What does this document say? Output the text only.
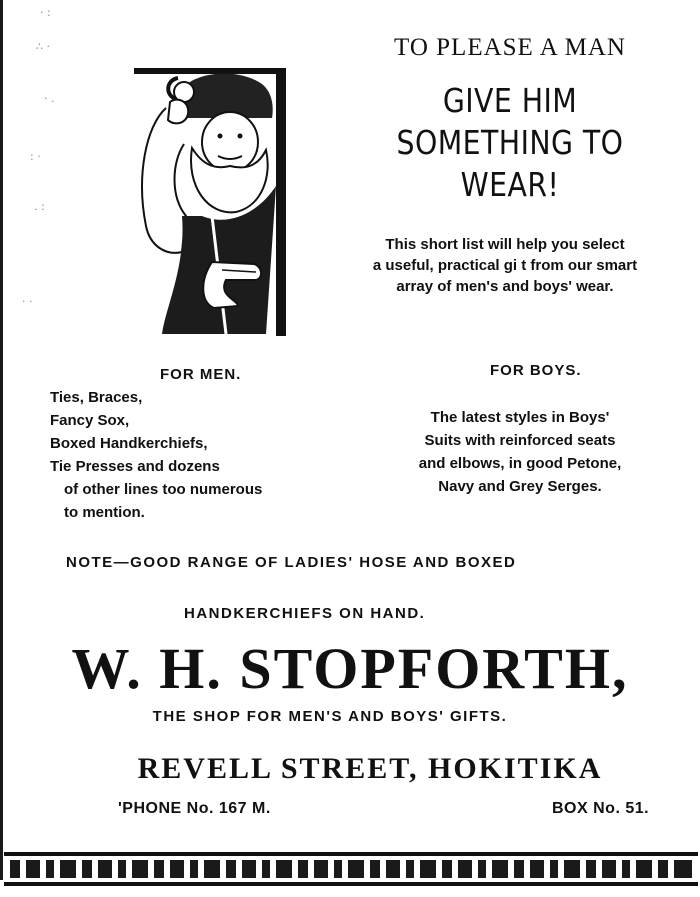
· :
∴ ·
· .
: ·
. :
· ·
TO PLEASE A MAN
GIVE HIM
SOMETHING TO
WEAR!
This short list will help you select
a useful, practical gi t from our smart
array of men's and boys' wear.
FOR MEN.
Ties, Braces,
Fancy Sox,
Boxed Handkerchiefs,
Tie Presses and dozens
of other lines too numerous
to mention.
FOR BOYS.
The latest styles in Boys'
Suits with reinforced seats
and elbows, in good Petone,
Navy and Grey Serges.
NOTE—GOOD RANGE OF LADIES' HOSE AND BOXED
HANDKERCHIEFS ON HAND.
W. H. STOPFORTH,
THE SHOP FOR MEN'S AND BOYS' GIFTS.
REVELL STREET, HOKITIKA
'PHONE No. 167 M.	BOX No. 51.
